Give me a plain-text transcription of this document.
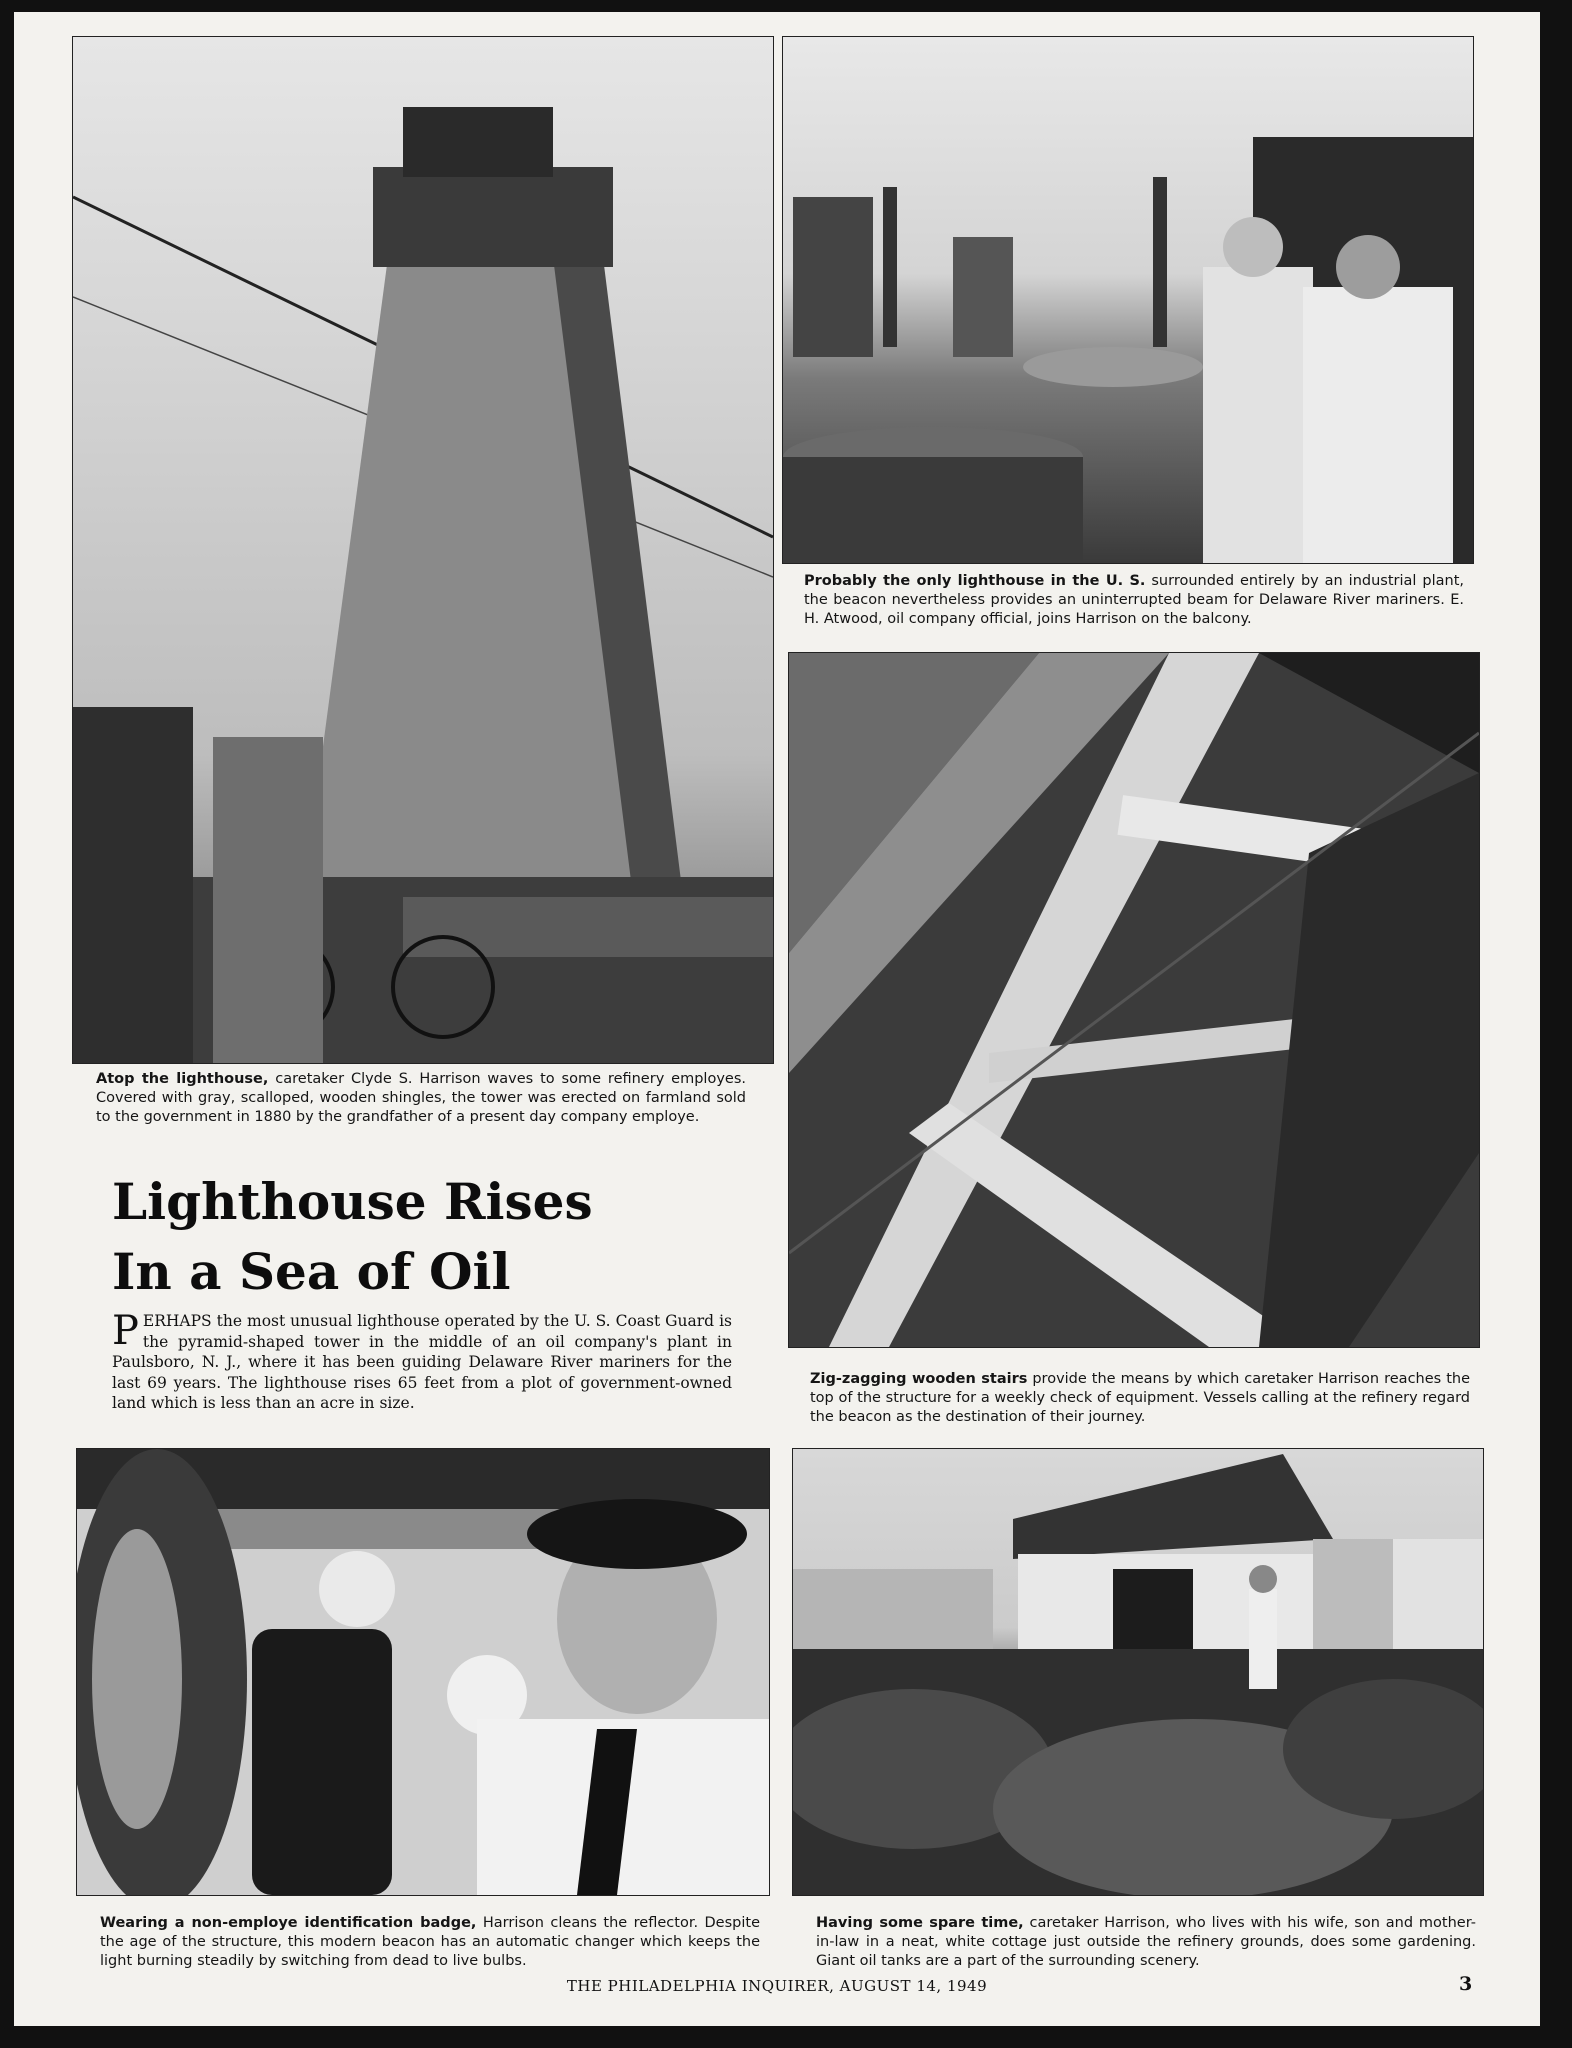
Atop the lighthouse, caretaker Clyde S. Harrison waves to some refinery employes. Covered with gray, scalloped, wooden shingles, the tower was erected on farmland sold to the government in 1880 by the grandfather of a present day company employe.
Lighthouse Rises
In a Sea of Oil
PERHAPS the most unusual lighthouse operated by the U. S. Coast Guard is the pyramid-shaped tower in the middle of an oil company's plant in Paulsboro, N. J., where it has been guiding Delaware River mariners for the last 69 years. The lighthouse rises 65 feet from a plot of government-owned land which is less than an acre in size.
Probably the only lighthouse in the U. S. surrounded entirely by an industrial plant, the beacon nevertheless provides an uninterrupted beam for Delaware River mariners. E. H. Atwood, oil company official, joins Harrison on the balcony.
Zig-zagging wooden stairs provide the means by which caretaker Harrison reaches the top of the structure for a weekly check of equipment. Vessels calling at the refinery regard the beacon as the destination of their journey.
Wearing a non-employe identification badge, Harrison cleans the reflector. Despite the age of the structure, this modern beacon has an automatic changer which keeps the light burning steadily by switching from dead to live bulbs.
Having some spare time, caretaker Harrison, who lives with his wife, son and mother-in-law in a neat, white cottage just outside the refinery grounds, does some gardening. Giant oil tanks are a part of the surrounding scenery.
THE PHILADELPHIA INQUIRER, AUGUST 14, 1949	3
